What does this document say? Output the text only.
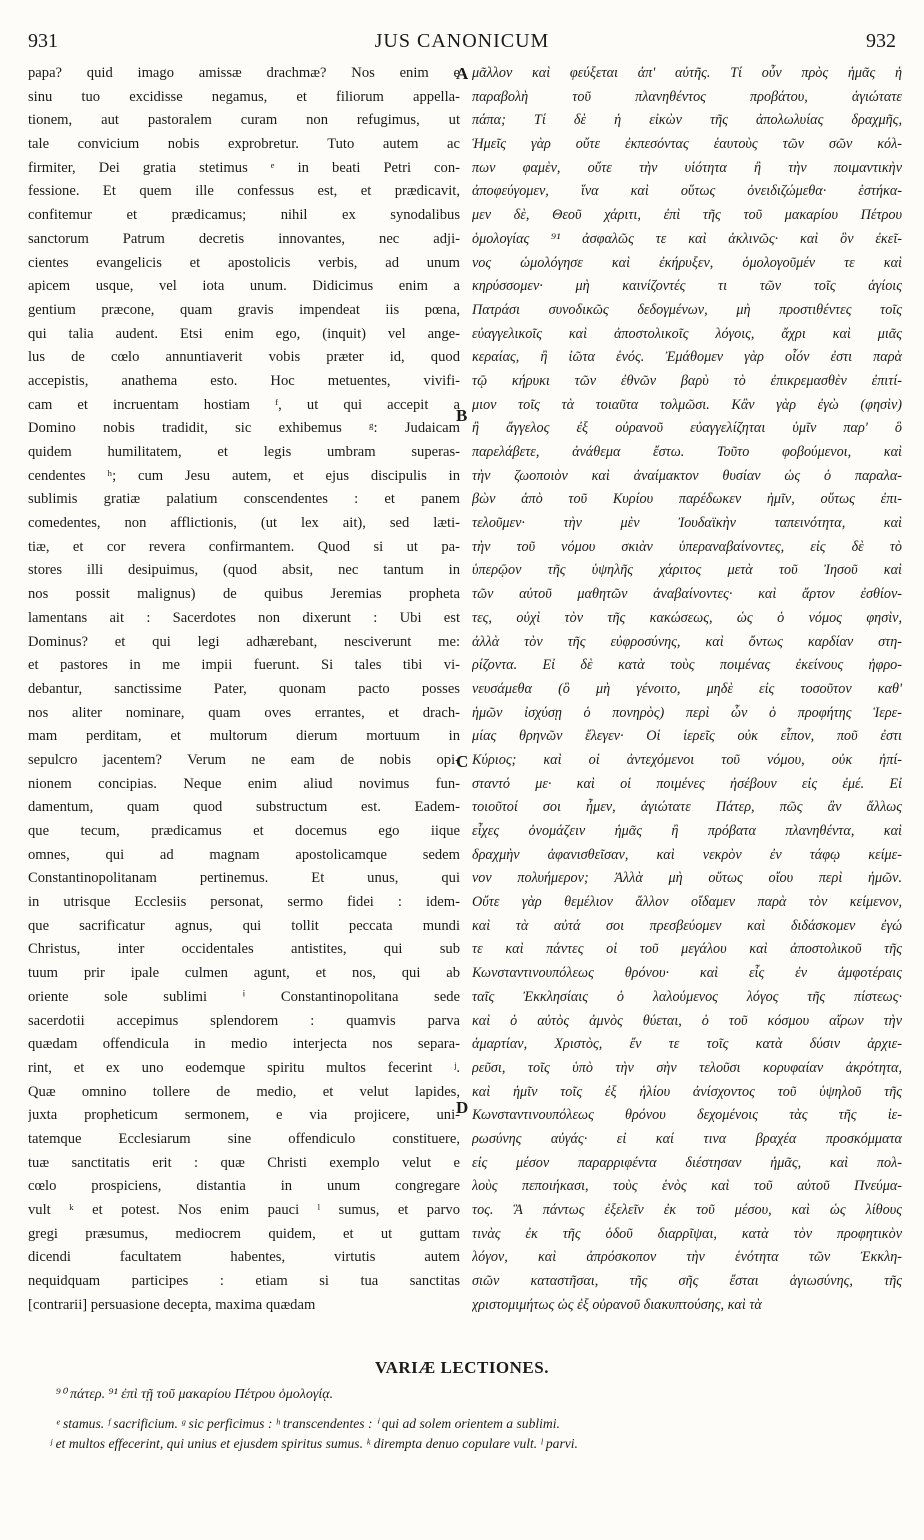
931	JUS CANONICUM	932
papa? quid imago amissæ drachmæ? Nos enim e
sinu tuo excidisse negamus, et filiorum appella-
tionem, aut pastoralem curam non refugimus, ut
tale convicium nobis exprobretur. Tuto autem ac
firmiter, Dei gratia stetimus ᵉ in beati Petri con-
fessione. Et quem ille confessus est, et prædicavit,
confitemur et prædicamus; nihil ex synodalibus
sanctorum Patrum decretis innovantes, nec adji-
cientes evangelicis et apostolicis verbis, ad unum
apicem usque, vel iota unum. Didicimus enim a
gentium præcone, quam gravis impendeat iis pœna,
qui talia audent. Etsi enim ego, (inquit) vel ange-
lus de cœlo annuntiaverit vobis præter id, quod
accepistis, anathema esto. Hoc metuentes, vivifi-
cam et incruentam hostiam ᶠ, ut qui accepit a
Domino nobis tradidit, sic exhibemus ᵍ: Judaicam
quidem humilitatem, et legis umbram superas-
cendentes ʰ; cum Jesu autem, et ejus discipulis in
sublimis gratiæ palatium conscendentes : et panem
comedentes, non afflictionis, (ut lex ait), sed læti-
tiæ, et cor revera confirmantem. Quod si ut pa-
stores illi desipuimus, (quod absit, nec tantum in
nos possit malignus) de quibus Jeremias propheta
lamentans ait : Sacerdotes non dixerunt : Ubi est
Dominus? et qui legi adhærebant, nesciverunt me:
et pastores in me impii fuerunt. Si tales tibi vi-
debantur, sanctissime Pater, quonam pacto posses
nos aliter nominare, quam oves errantes, et drach-
mam perditam, et multorum dierum mortuum in
sepulcro jacentem? Verum ne eam de nobis opi-
nionem concipias. Neque enim aliud novimus fun-
damentum, quam quod substructum est. Eadem-
que tecum, prædicamus et docemus ego iique
omnes, qui ad magnam apostolicamque sedem
Constantinopolitanam pertinemus. Et unus, qui
in utrisque Ecclesiis personat, sermo fidei : idem-
que sacrificatur agnus, qui tollit peccata mundi
Christus, inter occidentales antistites, qui sub
tuum prir ipale culmen agunt, et nos, qui ab
oriente sole sublimi ⁱ Constantinopolitana sede
sacerdotii accepimus splendorem : quamvis parva
quædam offendicula in medio interjecta nos separa-
rint, et ex uno eodemque spiritu multos fecerint ʲ.
Quæ omnino tollere de medio, et velut lapides,
juxta propheticum sermonem, e via projicere, uni-
tatemque Ecclesiarum sine offendiculo constituere,
tuæ sanctitatis erit : quæ Christi exemplo velut e
cœlo prospiciens, distantia in unum congregare
vult ᵏ et potest. Nos enim pauci ˡ sumus, et parvo
gregi præsumus, mediocrem quidem, et ut guttam
dicendi facultatem habentes, virtutis autem
nequidquam participes : etiam si tua sanctitas
[contrarii] persuasione decepta, maxima quædam
A
B
C
D
μᾶλλον καὶ φεύξεται ἀπ' αὐτῆς. Τί οὖν πρὸς ἡμᾶς ἡ
παραβολὴ τοῦ πλανηθέντος προβάτου, ἁγιώτατε
πάπα; Τί δὲ ἡ εἰκὼν τῆς ἀπολωλυίας δραχμῆς,
Ἡμεῖς γὰρ οὔτε ἐκπεσόντας ἑαυτοὺς τῶν σῶν κόλ-
πων φαμὲν, οὔτε τὴν υἱότητα ἢ τὴν ποιμαντικὴν
ἀποφεύγομεν, ἵνα καὶ οὕτως ὀνειδιζώμεθα· ἑστήκα-
μεν δὲ, Θεοῦ χάριτι, ἐπὶ τῆς τοῦ μακαρίου Πέτρου
ὁμολογίας ⁹¹ ἀσφαλῶς τε καὶ ἀκλινῶς· καὶ ὃν ἐκεῖ-
νος ὡμολόγησε καὶ ἐκήρυξεν, ὁμολογοῦμέν τε καὶ
κηρύσσομεν· μὴ καινίζοντές τι τῶν τοῖς ἁγίοις
Πατράσι συνοδικῶς δεδογμένων, μὴ προστιθέντες τοῖς
εὐαγγελικοῖς καὶ ἀποστολικοῖς λόγοις, ἄχρι καὶ μιᾶς
κεραίας, ἢ ἰῶτα ἑνός. Ἐμάθομεν γὰρ οἷόν ἐστι παρὰ
τῷ κήρυκι τῶν ἐθνῶν βαρὺ τὸ ἐπικρεμασθὲν ἐπιτί-
μιον τοῖς τὰ τοιαῦτα τολμῶσι. Κἂν γὰρ ἐγὼ (φησὶν)
ἢ ἄγγελος ἐξ οὐρανοῦ εὐαγγελίζηται ὑμῖν παρ' ὃ
παρελάβετε, ἀνάθεμα ἔστω. Τοῦτο φοβούμενοι, καὶ
τὴν ζωοποιὸν καὶ ἀναίμακτον θυσίαν ὡς ὁ παραλα-
βὼν ἀπὸ τοῦ Κυρίου παρέδωκεν ἡμῖν, οὕτως ἐπι-
τελοῦμεν· τὴν μὲν Ἰουδαϊκὴν ταπεινότητα, καὶ
τὴν τοῦ νόμου σκιὰν ὑπεραναβαίνοντες, εἰς δὲ τὸ
ὑπερῷον τῆς ὑψηλῆς χάριτος μετὰ τοῦ Ἰησοῦ καὶ
τῶν αὐτοῦ μαθητῶν ἀναβαίνοντες· καὶ ἄρτον ἐσθίον-
τες, οὐχὶ τὸν τῆς κακώσεως, ὡς ὁ νόμος φησὶν,
ἀλλὰ τὸν τῆς εὐφροσύνης, καὶ ὄντως καρδίαν στη-
ρίζοντα. Εἰ δὲ κατὰ τοὺς ποιμένας ἐκείνους ἠφρο-
νευσάμεθα (ὃ μὴ γένοιτο, μηδὲ εἰς τοσοῦτον καθ'
ἡμῶν ἰσχύσῃ ὁ πονηρὸς) περὶ ὧν ὁ προφήτης Ἱερε-
μίας θρηνῶν ἔλεγεν· Οἱ ἱερεῖς οὐκ εἶπον, ποῦ ἐστι
Κύριος; καὶ οἱ ἀντεχόμενοι τοῦ νόμου, οὐκ ἠπί-
σταντό με· καὶ οἱ ποιμένες ἠσέβουν εἰς ἐμέ. Εἰ
τοιοῦτοί σοι ἦμεν, ἁγιώτατε Πάτερ, πῶς ἂν ἄλλως
εἶχες ὀνομάζειν ἡμᾶς ἢ πρόβατα πλανηθέντα, καὶ
δραχμὴν ἀφανισθεῖσαν, καὶ νεκρὸν ἐν τάφῳ κείμε-
νον πολυήμερον; Ἀλλὰ μὴ οὕτως οἴου περὶ ἡμῶν.
Οὔτε γὰρ θεμέλιον ἄλλον οἴδαμεν παρὰ τὸν κείμενον,
καὶ τὰ αὐτά σοι πρεσβεύομεν καὶ διδάσκομεν ἐγώ
τε καὶ πάντες οἱ τοῦ μεγάλου καὶ ἀποστολικοῦ τῆς
Κωνσταντινουπόλεως θρόνου· καὶ εἷς ἐν ἀμφοτέραις
ταῖς Ἐκκλησίαις ὁ λαλούμενος λόγος τῆς πίστεως·
καὶ ὁ αὐτὸς ἀμνὸς θύεται, ὁ τοῦ κόσμου αἴρων τὴν
ἁμαρτίαν, Χριστὸς, ἔν τε τοῖς κατὰ δύσιν ἀρχιε-
ρεῦσι, τοῖς ὑπὸ τὴν σὴν τελοῦσι κορυφαίαν ἀκρότητα,
καὶ ἡμῖν τοῖς ἐξ ἡλίου ἀνίσχοντος τοῦ ὑψηλοῦ τῆς
Κωνσταντινουπόλεως θρόνου δεχομένοις τὰς τῆς ἱε-
ρωσύνης αὐγάς· εἰ καί τινα βραχέα προσκόμματα
εἰς μέσον παραρριφέντα διέστησαν ἡμᾶς, καὶ πολ-
λοὺς πεποιήκασι, τοὺς ἑνὸς καὶ τοῦ αὐτοῦ Πνεύμα-
τος. Ἃ πάντως ἐξελεῖν ἐκ τοῦ μέσου, καὶ ὡς λίθους
τινὰς ἐκ τῆς ὁδοῦ διαρρῖψαι, κατὰ τὸν προφητικὸν
λόγον, καὶ ἀπρόσκοπον τὴν ἑνότητα τῶν Ἐκκλη-
σιῶν καταστῆσαι, τῆς σῆς ἔσται ἁγιωσύνης, τῆς
χριστομιμήτως ὡς ἐξ οὐρανοῦ διακυπτούσης, καὶ τὰ
VARIÆ LECTIONES.
⁹⁰ πάτερ. ⁹¹ ἐπὶ τῇ τοῦ μακαρίου Πέτρου ὁμολογίᾳ.
ᵉ stamus. ᶠ sacrificium. ᵍ sic perficimus : ʰ transcendentes : ⁱ qui ad solem orientem a sublimi.
ʲ et multos effecerint, qui unius et ejusdem spiritus sumus. ᵏ dirempta denuo copulare vult. ˡ parvi.
